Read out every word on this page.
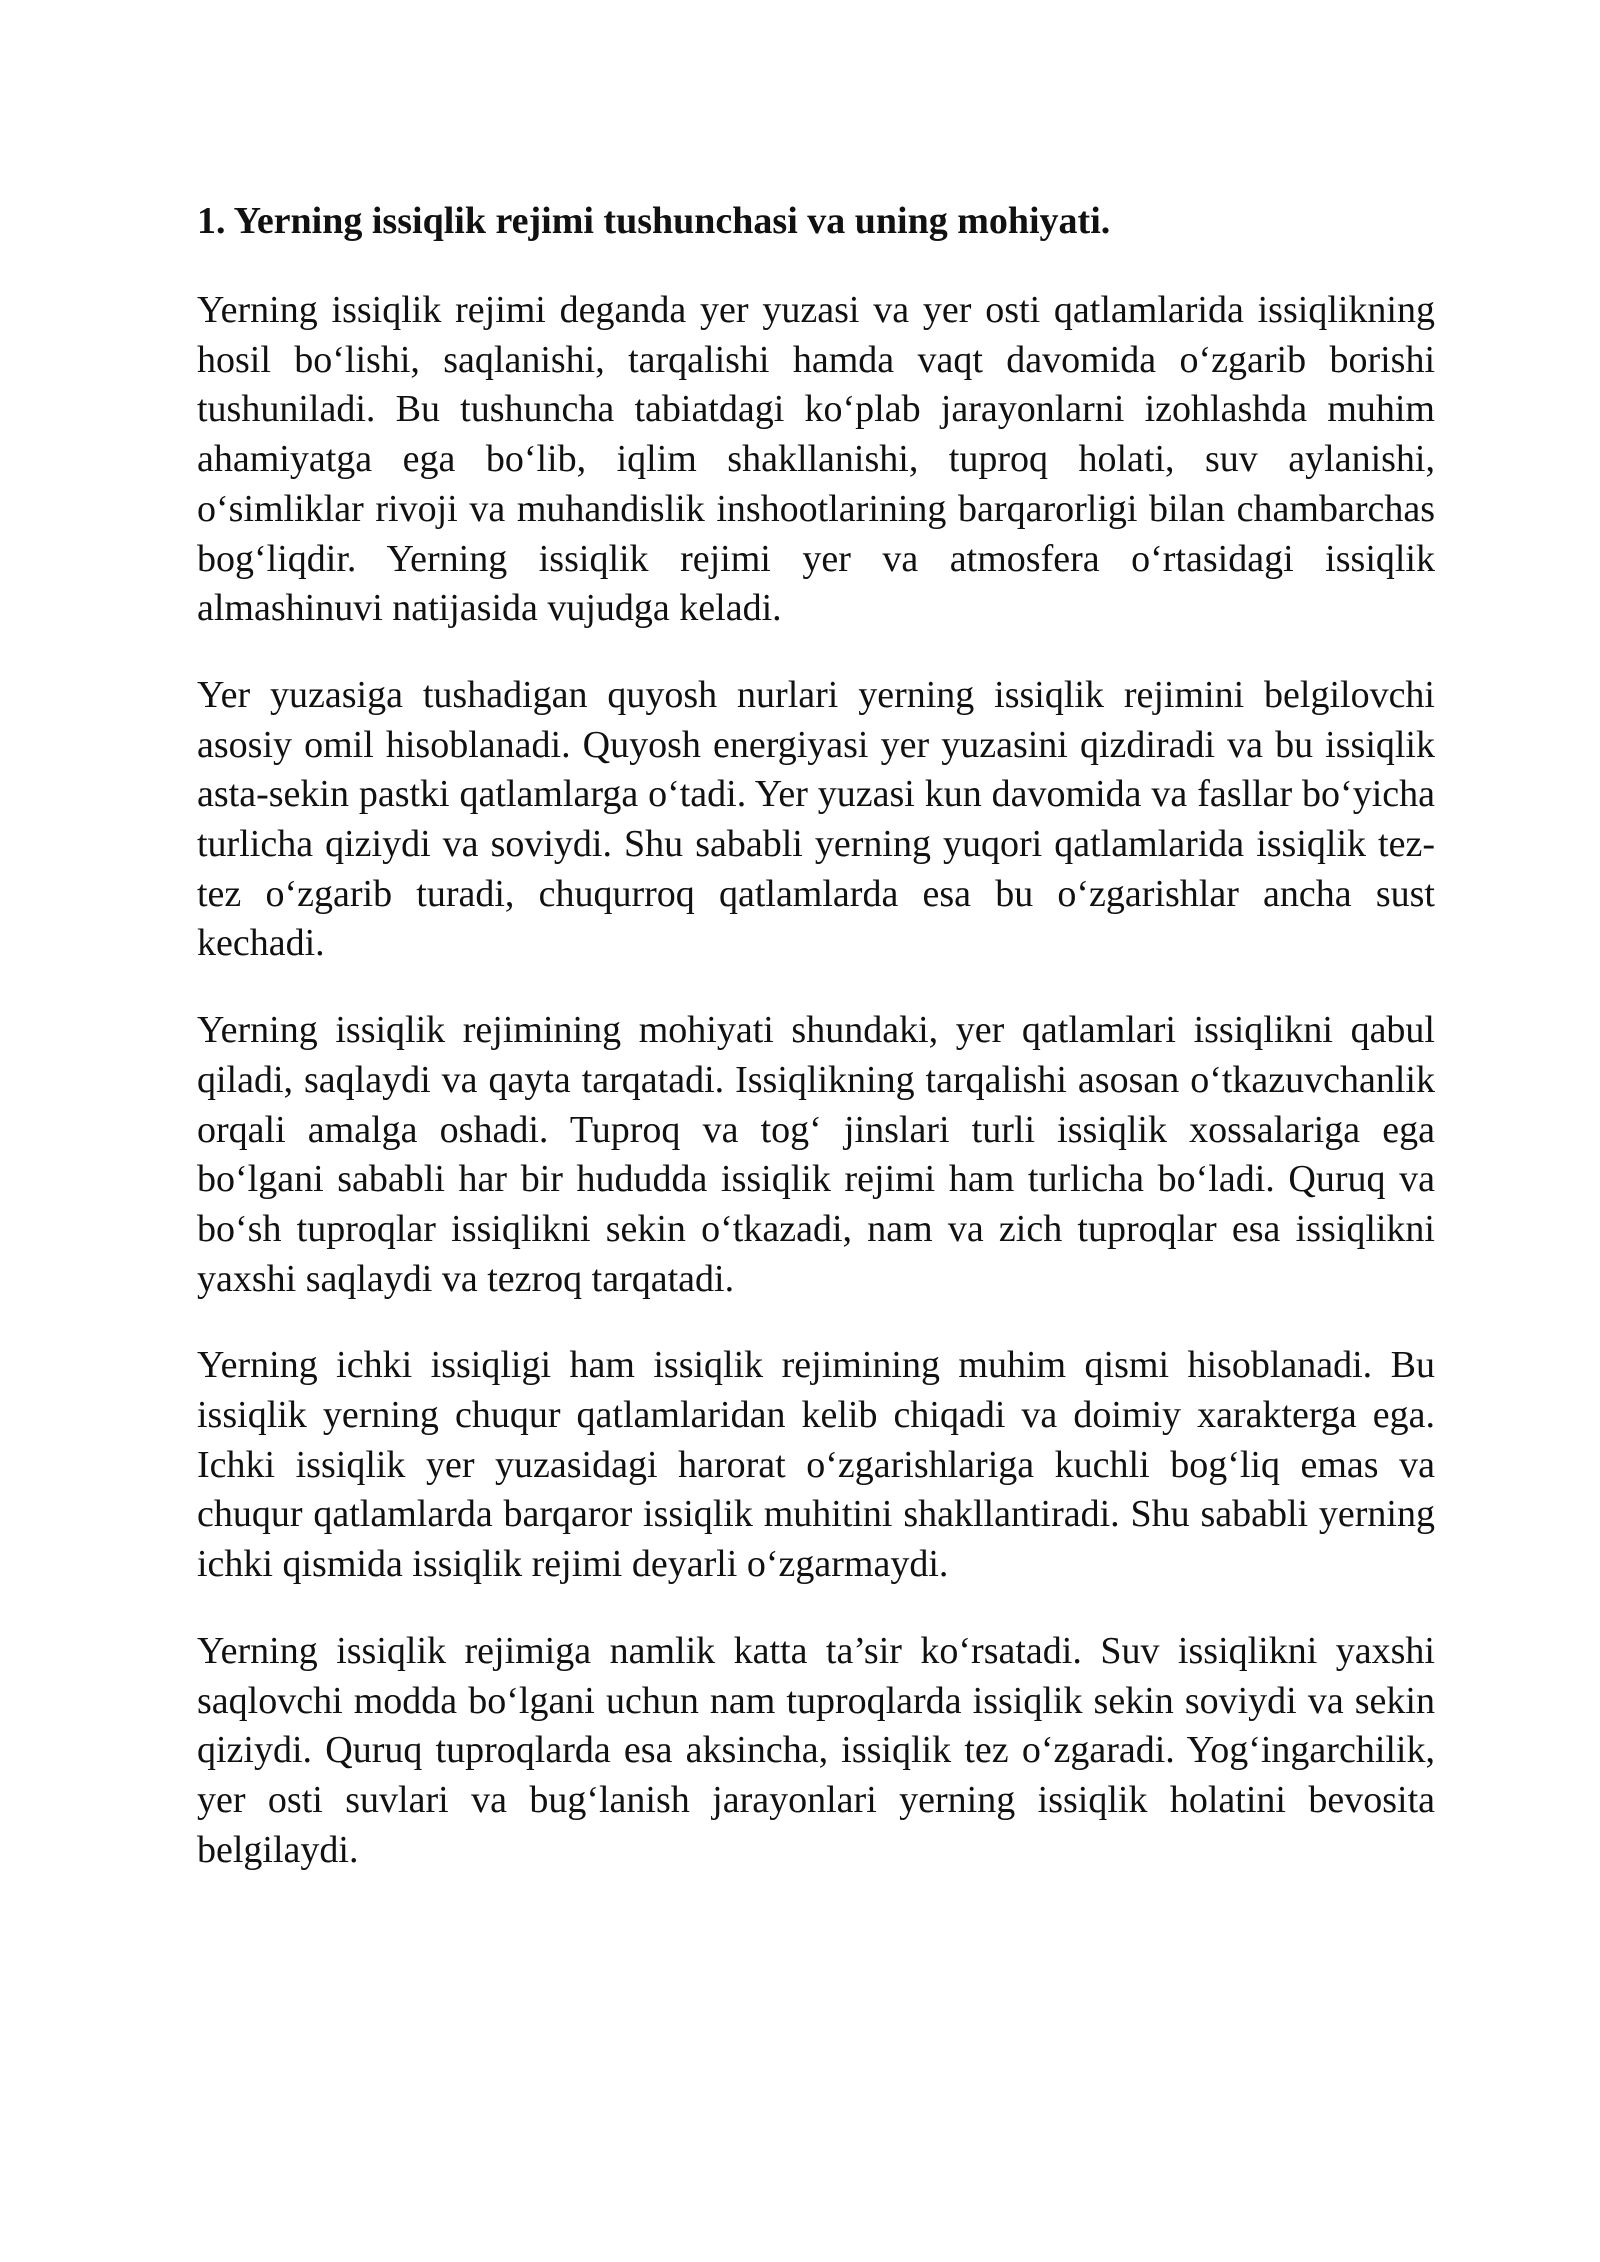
1. Yerning issiqlik rejimi tushunchasi va uning mohiyati.

Yerning issiqlik rejimi deganda yer yuzasi va yer osti qatlamlarida issiqlikning hosil bo‘lishi, saqlanishi, tarqalishi hamda vaqt davomida o‘zgarib borishi tushuniladi. Bu tushuncha tabiatdagi ko‘plab jarayonlarni izohlashda muhim ahamiyatga ega bo‘lib, iqlim shakllanishi, tuproq holati, suv aylanishi, o‘simliklar rivoji va muhandislik inshootlarining barqarorligi bilan chambarchas bog‘liqdir. Yerning issiqlik rejimi yer va atmosfera o‘rtasidagi issiqlik almashinuvi natijasida vujudga keladi.

Yer yuzasiga tushadigan quyosh nurlari yerning issiqlik rejimini belgilovchi asosiy omil hisoblanadi. Quyosh energiyasi yer yuzasini qizdiradi va bu issiqlik asta-sekin pastki qatlamlarga o‘tadi. Yer yuzasi kun davomida va fasllar bo‘yicha turlicha qiziydi va soviydi. Shu sababli yerning yuqori qatlamlarida issiqlik tez-tez o‘zgarib turadi, chuqurroq qatlamlarda esa bu o‘zgarishlar ancha sust kechadi.

Yerning issiqlik rejimining mohiyati shundaki, yer qatlamlari issiqlikni qabul qiladi, saqlaydi va qayta tarqatadi. Issiqlikning tarqalishi asosan o‘tkazuvchanlik orqali amalga oshadi. Tuproq va tog‘ jinslari turli issiqlik xossalariga ega bo‘lgani sababli har bir hududda issiqlik rejimi ham turlicha bo‘ladi. Quruq va bo‘sh tuproqlar issiqlikni sekin o‘tkazadi, nam va zich tuproqlar esa issiqlikni yaxshi saqlaydi va tezroq tarqatadi.

Yerning ichki issiqligi ham issiqlik rejimining muhim qismi hisoblanadi. Bu issiqlik yerning chuqur qatlamlaridan kelib chiqadi va doimiy xarakterga ega. Ichki issiqlik yer yuzasidagi harorat o‘zgarishlariga kuchli bog‘liq emas va chuqur qatlamlarda barqaror issiqlik muhitini shakllantiradi. Shu sababli yerning ichki qismida issiqlik rejimi deyarli o‘zgarmaydi.

Yerning issiqlik rejimiga namlik katta ta’sir ko‘rsatadi. Suv issiqlikni yaxshi saqlovchi modda bo‘lgani uchun nam tuproqlarda issiqlik sekin soviydi va sekin qiziydi. Quruq tuproqlarda esa aksincha, issiqlik tez o‘zgaradi. Yog‘ingarchilik, yer osti suvlari va bug‘lanish jarayonlari yerning issiqlik holatini bevosita belgilaydi.
